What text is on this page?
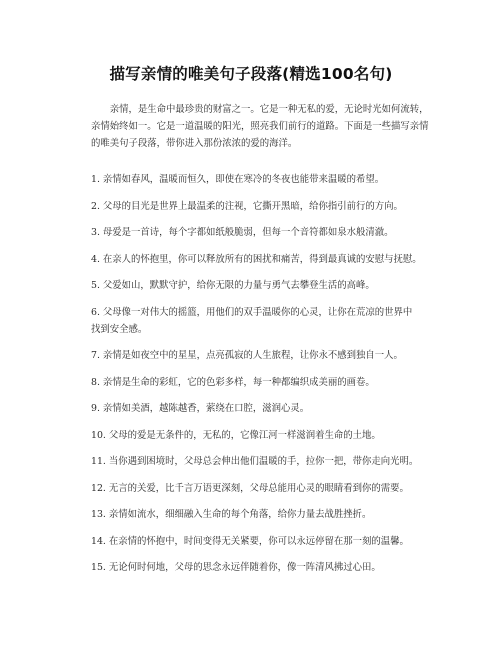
描写亲情的唯美句子段落(精选100名句)
　　亲情，是生命中最珍贵的财富之一。它是一种无私的爱，无论时光如何流转，
亲情始终如一。它是一道温暖的阳光，照亮我们前行的道路。下面是一些描写亲情
的唯美句子段落，带你进入那份浓浓的爱的海洋。
1. 亲情如春风，温暖而恒久，即使在寒冷的冬夜也能带来温暖的希望。
2. 父母的目光是世界上最温柔的注视，它撕开黑暗，给你指引前行的方向。
3. 母爱是一首诗，每个字都如纸般脆弱，但每一个音符都如泉水般清澈。
4. 在亲人的怀抱里，你可以释放所有的困扰和痛苦，得到最真诚的安慰与抚慰。
5. 父爱如山，默默守护，给你无限的力量与勇气去攀登生活的高峰。
6. 父母像一对伟大的摇篮，用他们的双手温暖你的心灵，让你在荒凉的世界中
找到安全感。
7. 亲情是如夜空中的星星，点亮孤寂的人生旅程，让你永不感到独自一人。
8. 亲情是生命的彩虹，它的色彩多样，每一种都编织成美丽的画卷。
9. 亲情如美酒，越陈越香，萦绕在口腔，滋润心灵。
10. 父母的爱是无条件的，无私的，它像江河一样滋润着生命的土地。
11. 当你遇到困境时，父母总会伸出他们温暖的手，拉你一把，带你走向光明。
12. 无言的关爱，比千言万语更深刻，父母总能用心灵的眼睛看到你的需要。
13. 亲情如流水，细细融入生命的每个角落，给你力量去战胜挫折。
14. 在亲情的怀抱中，时间变得无关紧要，你可以永远停留在那一刻的温馨。
15. 无论何时何地，父母的思念永远伴随着你，像一阵清风拂过心田。
